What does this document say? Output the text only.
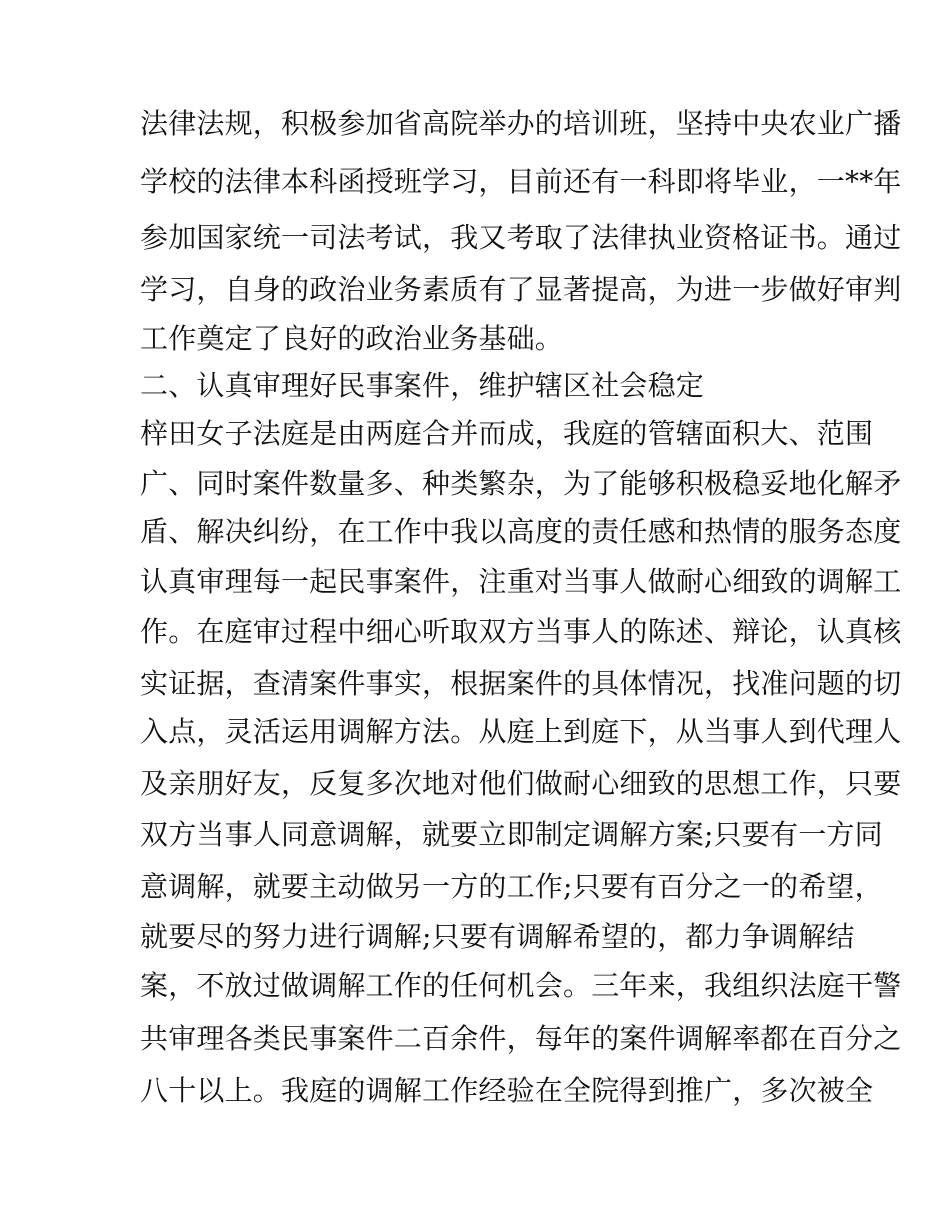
法律法规，积极参加省高院举办的培训班，坚持中央农业广播
学校的法律本科函授班学习，目前还有一科即将毕业，一**年
参加国家统一司法考试，我又考取了法律执业资格证书。通过
学习，自身的政治业务素质有了显著提高，为进一步做好审判
工作奠定了良好的政治业务基础。
二、认真审理好民事案件，维护辖区社会稳定
梓田女子法庭是由两庭合并而成，我庭的管辖面积大、范围
广、同时案件数量多、种类繁杂，为了能够积极稳妥地化解矛
盾、解决纠纷，在工作中我以高度的责任感和热情的服务态度
认真审理每一起民事案件，注重对当事人做耐心细致的调解工
作。在庭审过程中细心听取双方当事人的陈述、辩论，认真核
实证据，查清案件事实，根据案件的具体情况，找准问题的切
入点，灵活运用调解方法。从庭上到庭下，从当事人到代理人
及亲朋好友，反复多次地对他们做耐心细致的思想工作，只要
双方当事人同意调解，就要立即制定调解方案;只要有一方同
意调解，就要主动做另一方的工作;只要有百分之一的希望，
就要尽的努力进行调解;只要有调解希望的，都力争调解结
案，不放过做调解工作的任何机会。三年来，我组织法庭干警
共审理各类民事案件二百余件，每年的案件调解率都在百分之
八十以上。我庭的调解工作经验在全院得到推广，多次被全
